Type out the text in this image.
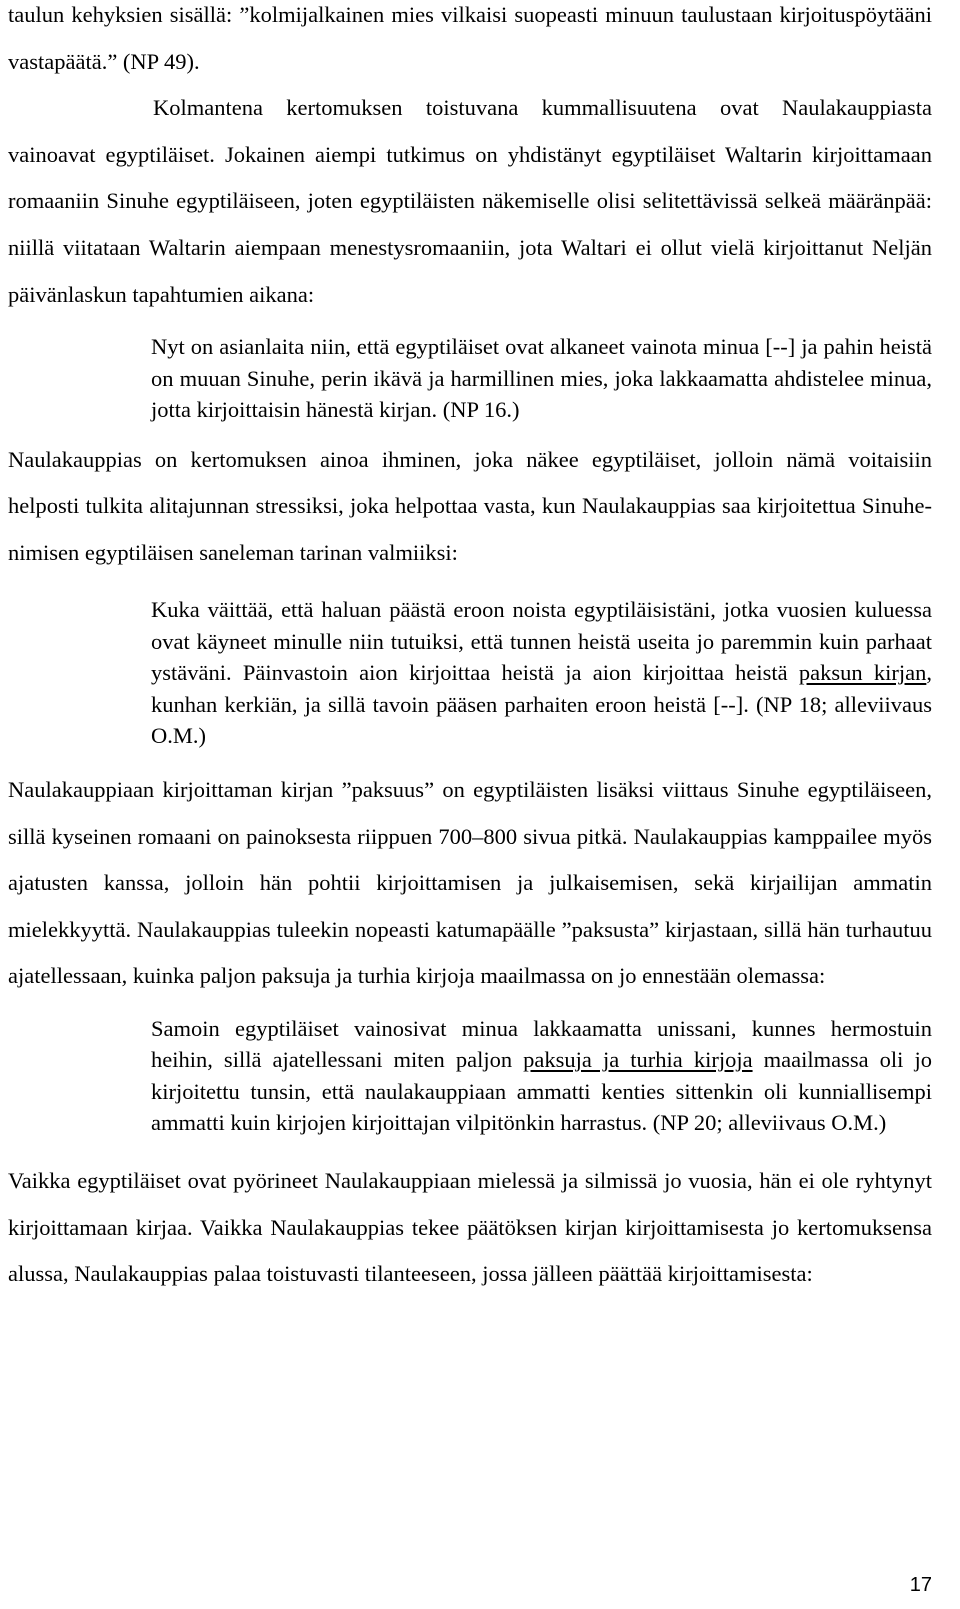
taulun kehyksien sisällä: ”kolmijalkainen mies vilkaisi suopeasti minuun taulustaan kirjoituspöytääni vastapäätä.” (NP 49).

Kolmantena kertomuksen toistuvana kummallisuutena ovat Naulakauppiasta vainoavat egyptiläiset. Jokainen aiempi tutkimus on yhdistänyt egyptiläiset Waltarin kirjoittamaan romaaniin Sinuhe egyptiläiseen, joten egyptiläisten näkemiselle olisi selitettävissä selkeä määränpää: niillä viitataan Waltarin aiempaan menestysromaaniin, jota Waltari ei ollut vielä kirjoittanut Neljän päivänlaskun tapahtumien aikana:

Nyt on asianlaita niin, että egyptiläiset ovat alkaneet vainota minua [--] ja pahin heistä on muuan Sinuhe, perin ikävä ja harmillinen mies, joka lakkaamatta ahdistelee minua, jotta kirjoittaisin hänestä kirjan. (NP 16.)

Naulakauppias on kertomuksen ainoa ihminen, joka näkee egyptiläiset, jolloin nämä voitaisiin helposti tulkita alitajunnan stressiksi, joka helpottaa vasta, kun Naulakauppias saa kirjoitettua Sinuhe-nimisen egyptiläisen saneleman tarinan valmiiksi:

Kuka väittää, että haluan päästä eroon noista egyptiläisistäni, jotka vuosien kuluessa ovat käyneet minulle niin tutuiksi, että tunnen heistä useita jo paremmin kuin parhaat ystäväni. Päinvastoin aion kirjoittaa heistä ja aion kirjoittaa heistä paksun kirjan, kunhan kerkiän, ja sillä tavoin pääsen parhaiten eroon heistä [--]. (NP 18; alleviivaus O.M.)

Naulakauppiaan kirjoittaman kirjan ”paksuus” on egyptiläisten lisäksi viittaus Sinuhe egyptiläiseen, sillä kyseinen romaani on painoksesta riippuen 700–800 sivua pitkä. Naulakauppias kamppailee myös ajatusten kanssa, jolloin hän pohtii kirjoittamisen ja julkaisemisen, sekä kirjailijan ammatin mielekkyyttä. Naulakauppias tuleekin nopeasti katumapäälle ”paksusta” kirjastaan, sillä hän turhautuu ajatellessaan, kuinka paljon paksuja ja turhia kirjoja maailmassa on jo ennestään olemassa:

Samoin egyptiläiset vainosivat minua lakkaamatta unissani, kunnes hermostuin heihin, sillä ajatellessani miten paljon paksuja ja turhia kirjoja maailmassa oli jo kirjoitettu tunsin, että naulakauppiaan ammatti kenties sittenkin oli kunniallisempi ammatti kuin kirjojen kirjoittajan vilpitönkin harrastus. (NP 20; alleviivaus O.M.)

Vaikka egyptiläiset ovat pyörineet Naulakauppiaan mielessä ja silmissä jo vuosia, hän ei ole ryhtynyt kirjoittamaan kirjaa. Vaikka Naulakauppias tekee päätöksen kirjan kirjoittamisesta jo kertomuksensa alussa, Naulakauppias palaa toistuvasti tilanteeseen, jossa jälleen päättää kirjoittamisesta:

17
